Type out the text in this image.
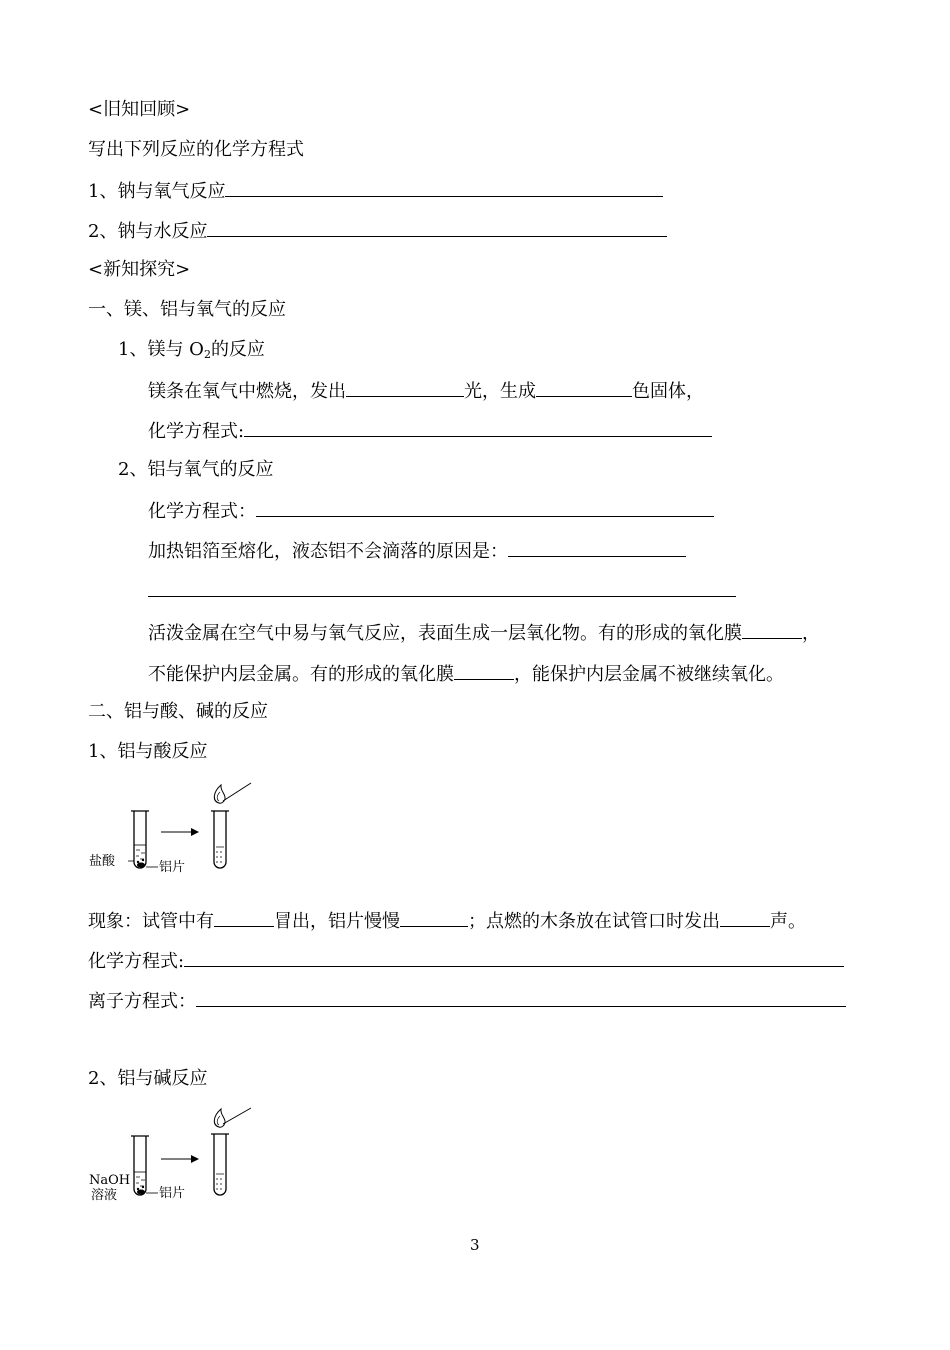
<旧知回顾>
写出下列反应的化学方程式
1、钠与氧气反应
2、钠与水反应
<新知探究>
一、镁、铝与氧气的反应
1、镁与 $O_2$的反应
镁条在氧气中燃烧，发出	光，生成	色固体，
化学方程式:
2、铝与氧气的反应
化学方程式：
加热铝箔至熔化，液态铝不会滴落的原因是：
活泼金属在空气中易与氧气反应，表面生成一层氧化物。有的形成的氧化膜	，
不能保护内层金属。有的形成的氧化膜	，能保护内层金属不被继续氧化。
二、铝与酸、碱的反应
1、铝与酸反应
盐酸	铝片
现象：试管中有	冒出，铝片慢慢	；点燃的木条放在试管口时发出	声。
化学方程式:
离子方程式：
2、铝与碱反应
NaOH
溶液	铝片
3
